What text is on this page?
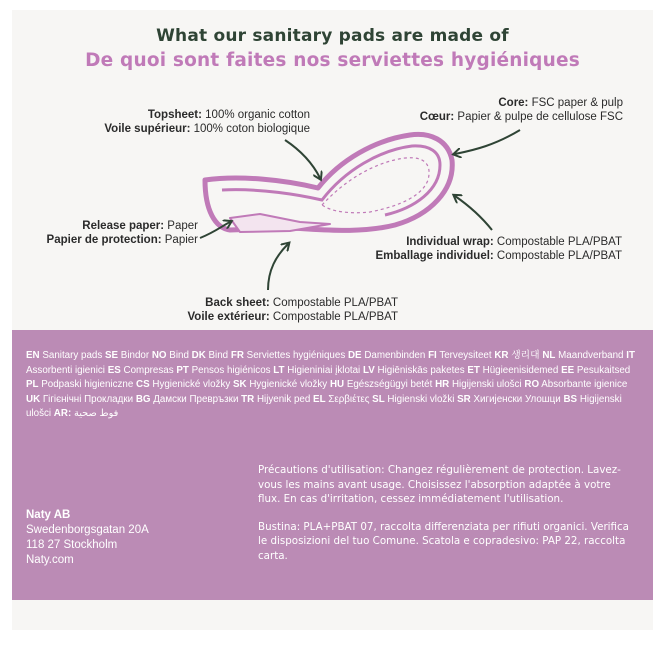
What our sanitary pads are made of
De quoi sont faites nos serviettes hygiéniques
Topsheet: 100% organic cotton
Voile supérieur: 100% coton biologique
Core: FSC paper & pulp
Cœur: Papier & pulpe de cellulose FSC
Release paper: Paper
Papier de protection: Papier	Individual wrap: Compostable PLA/PBAT
Emballage individuel: Compostable PLA/PBAT
Back sheet: Compostable PLA/PBAT
Voile extérieur: Compostable PLA/PBAT
EN Sanitary pads SE Bindor NO Bind DK Bind FR Serviettes hygiéniques DE Damenbinden FI Terveysiteet KR 생리대 NL Maandverband IT Assorbenti igienici ES Compresas PT Pensos higiénicos LT Higieniniai įklotai LV Higiēniskās paketes ET Hügieenisidemed EE Pesukaitsed PL Podpaski higieniczne CS Hygienické vložky SK Hygienické vložky HU Egészségügyi betét HR Higijenski ulošci RO Absorbante igienice UK Гігієнічні Прокладки BG Дамски Превръзки TR Hijyenik ped EL Σερβιέτες SL Higienski vložki SR Хигијенски Улошци BS Higijenski ulošci AR: فوط صحية
Naty AB
Swedenborgsgatan 20A
118 27 Stockholm
Naty.com

Précautions d'utilisation: Changez régulièrement de protection. Lavez-vous les mains avant usage. Choisissez l'absorption adaptée à votre flux. En cas d'irritation, cessez immédiatement l'utilisation.

Bustina: PLA+PBAT 07, raccolta differenziata per rifiuti organici. Verifica le disposizioni del tuo Comune. Scatola e copradesivo: PAP 22, raccolta carta.
